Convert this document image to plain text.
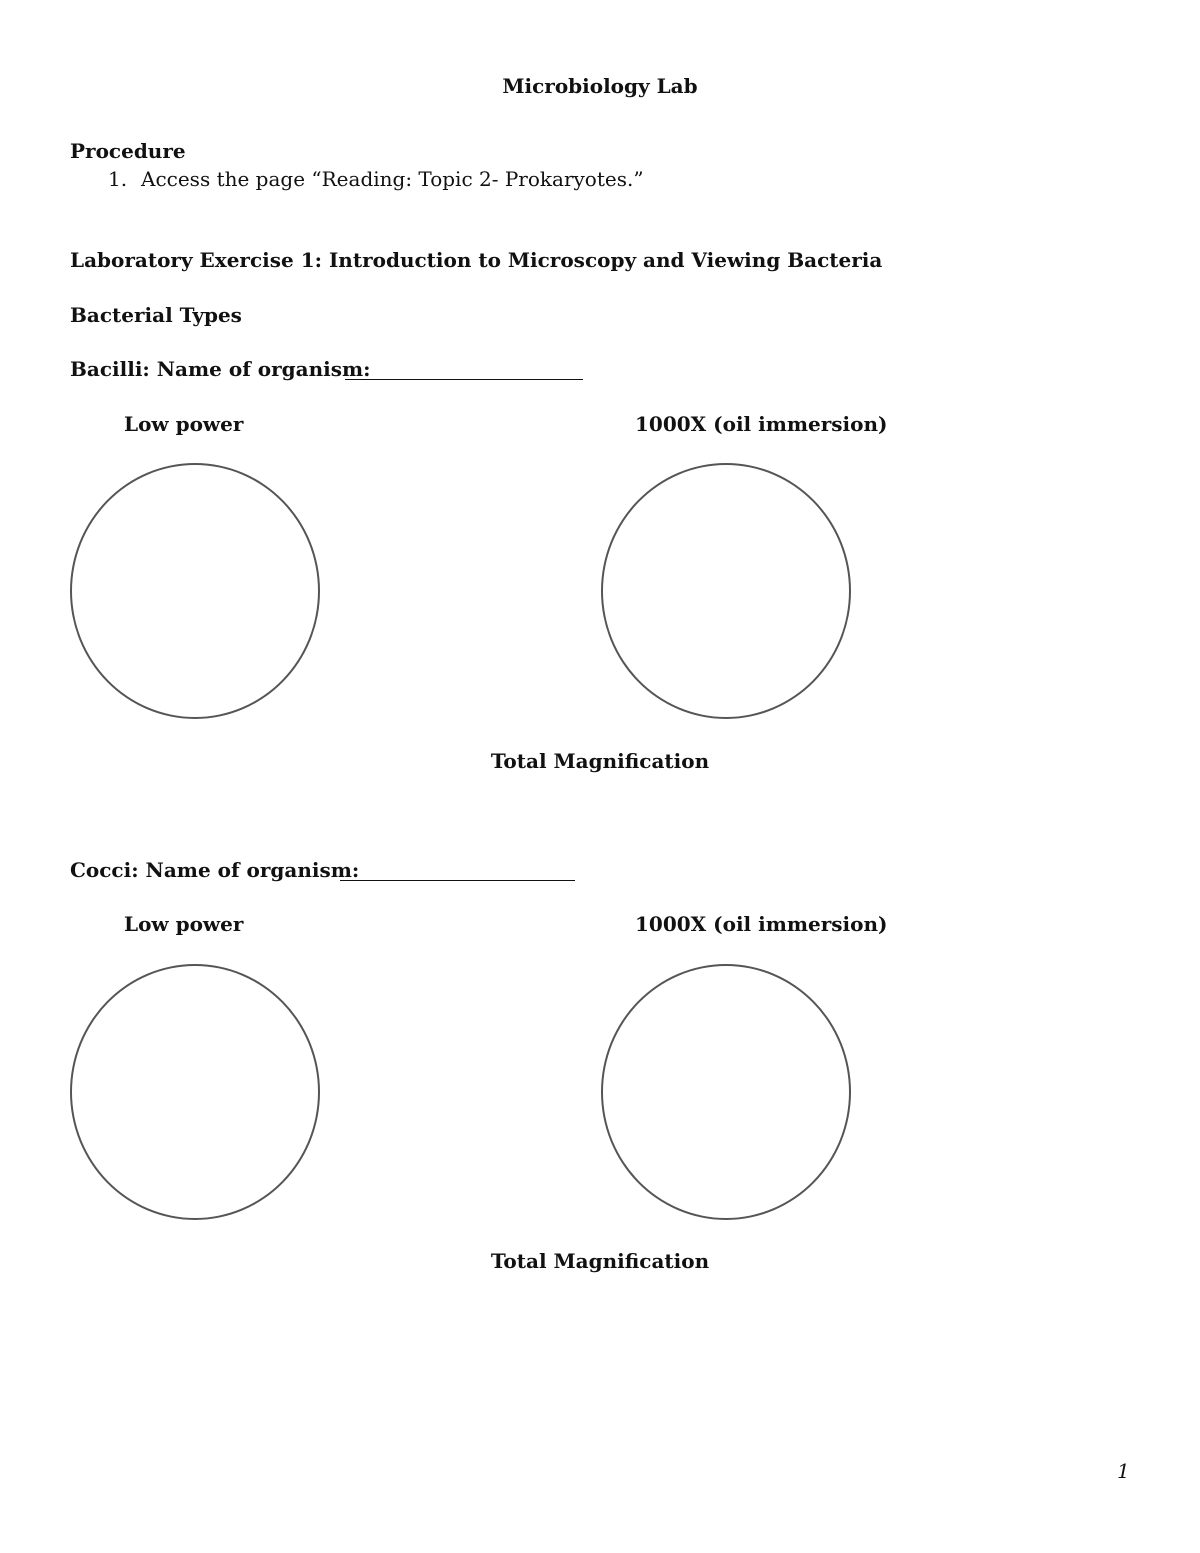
Microbiology Lab
Procedure
1. Access the page “Reading: Topic 2- Prokaryotes.”
Laboratory Exercise 1: Introduction to Microscopy and Viewing Bacteria
Bacterial Types
Bacilli: Name of organism:
Low power	1000X (oil immersion)
Total Magnification
Cocci: Name of organism:
Low power	1000X (oil immersion)
Total Magnification
1
